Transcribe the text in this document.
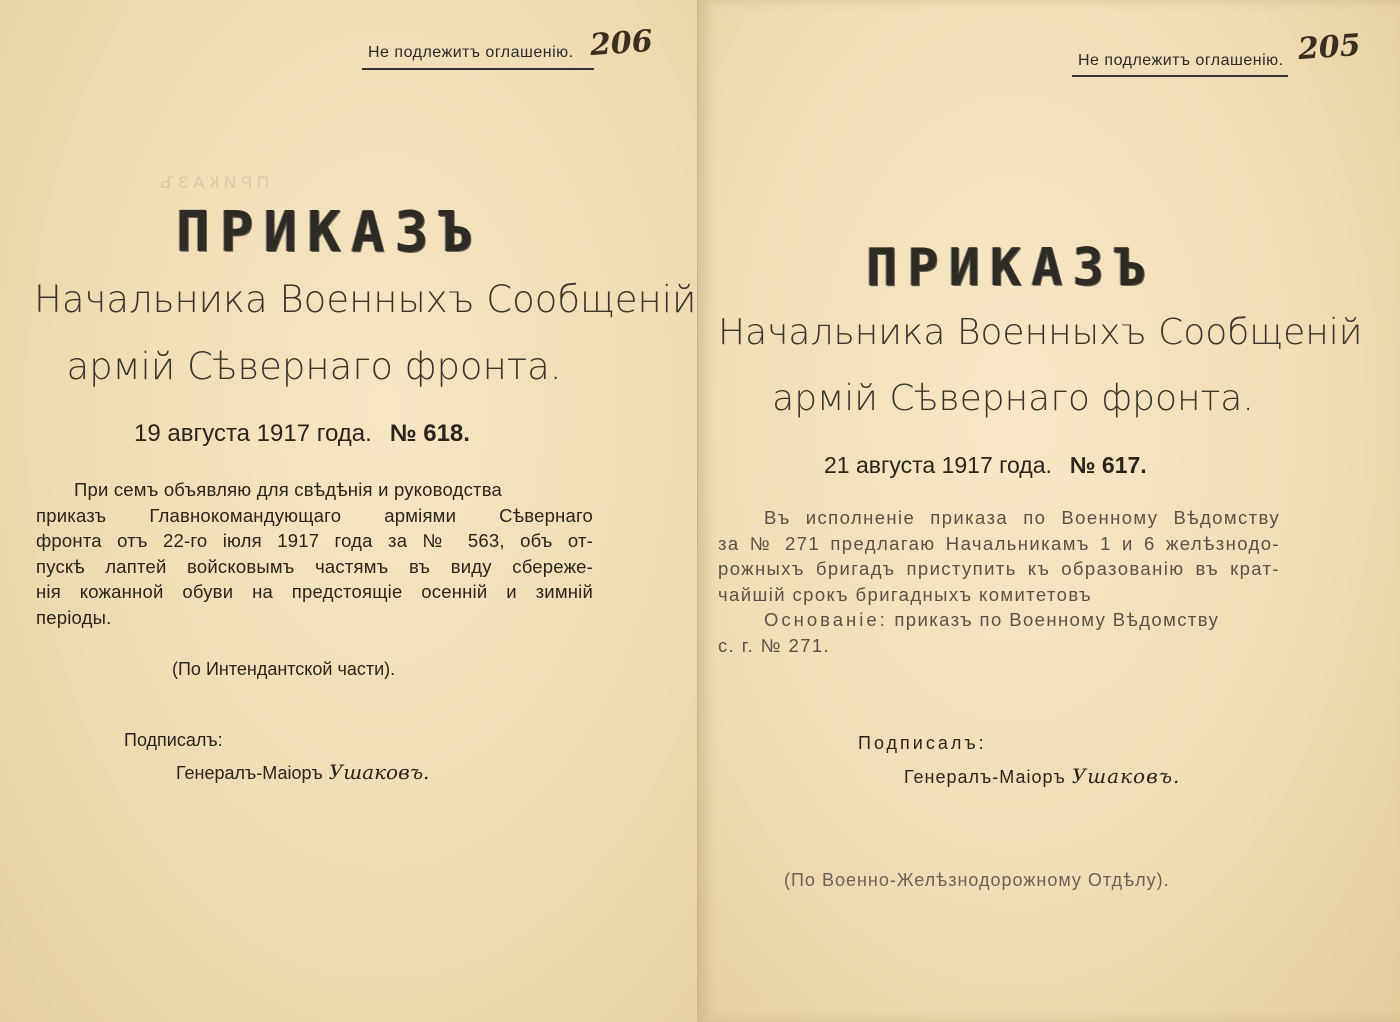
П Р И К А З Ъ

Не подлежитъ оглашенію. 206
ПРИКАЗЪ
Начальника Военныхъ Сообщеній
армій Сѣвернаго фронта.
19 августа 1917 года. № 618.
При семъ объявляю для свѣдѣнія и руководства
приказъ Главнокомандующаго арміями Сѣвернаго
фронта отъ 22-го іюля 1917 года за № 563, объ от-
пускѣ лаптей войсковымъ частямъ въ виду сбереже-
нія кожанной обуви на предстоящіе осенній и зимній
періоды.
(По Интендантской части).
Подписалъ:
Генералъ-Маіоръ Ушаковъ.
Не подлежитъ оглашенію. 205
ПРИКАЗЪ
Начальника Военныхъ Сообщеній
армій Сѣвернаго фронта.
21 августа 1917 года. № 617.
Въ исполненіе приказа по Военному Вѣдомству
за № 271 предлагаю Начальникамъ 1 и 6 желѣзнодо-
рожныхъ бригадъ приступить къ образованію въ крат-
чайшій срокъ бригадныхъ комитетовъ
Основаніе: приказъ по Военному Вѣдомству
с. г. № 271.
Подписалъ:
Генералъ-Маіоръ Ушаковъ.
(По Военно-Желѣзнодорожному Отдѣлу).
